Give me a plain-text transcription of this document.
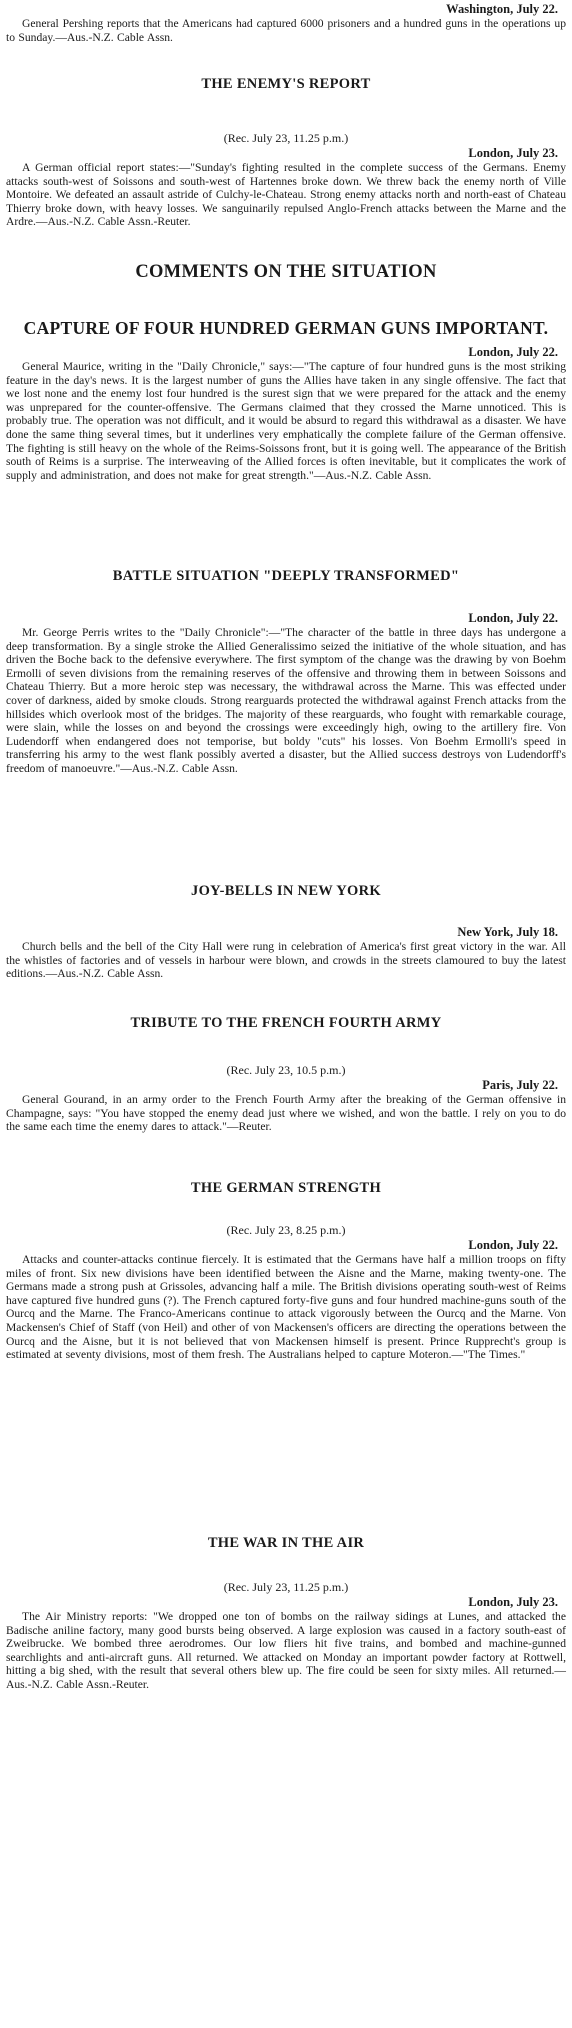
Washington, July 22.

General Pershing reports that the Americans had captured 6000 prisoners and a hundred guns in the operations up to Sunday.—Aus.-N.Z. Cable Assn.

THE ENEMY'S REPORT

(Rec. July 23, 11.25 p.m.)

London, July 23.

A German official report states:—"Sunday's fighting resulted in the complete success of the Germans. Enemy attacks south-west of Soissons and south-west of Hartennes broke down. We threw back the enemy north of Ville Montoire. We defeated an assault astride of Culchy-le-Chateau. Strong enemy attacks north and north-east of Chateau Thierry broke down, with heavy losses. We sanguinarily repulsed Anglo-French attacks between the Marne and the Ardre.—Aus.-N.Z. Cable Assn.-Reuter.

COMMENTS ON THE SITUATION
CAPTURE OF FOUR HUNDRED GERMAN GUNS IMPORTANT.
London, July 22.

General Maurice, writing in the "Daily Chronicle," says:—"The capture of four hundred guns is the most striking feature in the day's news. It is the largest number of guns the Allies have taken in any single offensive. The fact that we lost none and the enemy lost four hundred is the surest sign that we were prepared for the attack and the enemy was unprepared for the counter-offensive. The Germans claimed that they crossed the Marne unnoticed. This is probably true. The operation was not difficult, and it would be absurd to regard this withdrawal as a disaster. We have done the same thing several times, but it underlines very emphatically the complete failure of the German offensive. The fighting is still heavy on the whole of the Reims-Soissons front, but it is going well. The appearance of the British south of Reims is a surprise. The interweaving of the Allied forces is often inevitable, but it complicates the work of supply and administration, and does not make for great strength."—Aus.-N.Z. Cable Assn.

BATTLE SITUATION "DEEPLY TRANSFORMED"
London, July 22.

Mr. George Perris writes to the "Daily Chronicle":—"The character of the battle in three days has undergone a deep transformation. By a single stroke the Allied Generalissimo seized the initiative of the whole situation, and has driven the Boche back to the defensive everywhere. The first symptom of the change was the drawing by von Boehm Ermolli of seven divisions from the remaining reserves of the offensive and throwing them in between Soissons and Chateau Thierry. But a more heroic step was necessary, the withdrawal across the Marne. This was effected under cover of darkness, aided by smoke clouds. Strong rearguards protected the withdrawal against French attacks from the hillsides which overlook most of the bridges. The majority of these rearguards, who fought with remarkable courage, were slain, while the losses on and beyond the crossings were exceedingly high, owing to the artillery fire. Von Ludendorff when endangered does not temporise, but boldy "cuts" his losses. Von Boehm Ermolli's speed in transferring his army to the west flank possibly averted a disaster, but the Allied success destroys von Ludendorff's freedom of manoeuvre."—Aus.-N.Z. Cable Assn.

JOY-BELLS IN NEW YORK
New York, July 18.

Church bells and the bell of the City Hall were rung in celebration of America's first great victory in the war. All the whistles of factories and of vessels in harbour were blown, and crowds in the streets clamoured to buy the latest editions.—Aus.-N.Z. Cable Assn.

TRIBUTE TO THE FRENCH FOURTH ARMY

(Rec. July 23, 10.5 p.m.)

Paris, July 22.

General Gourand, in an army order to the French Fourth Army after the breaking of the German offensive in Champagne, says: "You have stopped the enemy dead just where we wished, and won the battle. I rely on you to do the same each time the enemy dares to attack."—Reuter.

THE GERMAN STRENGTH

(Rec. July 23, 8.25 p.m.)

London, July 22.

Attacks and counter-attacks continue fiercely. It is estimated that the Germans have half a million troops on fifty miles of front. Six new divisions have been identified between the Aisne and the Marne, making twenty-one. The Germans made a strong push at Grissoles, advancing half a mile. The British divisions operating south-west of Reims have captured five hundred guns (?). The French captured forty-five guns and four hundred machine-guns south of the Ourcq and the Marne. The Franco-Americans continue to attack vigorously between the Ourcq and the Marne. Von Mackensen's Chief of Staff (von Heil) and other of von Mackensen's officers are directing the operations between the Ourcq and the Aisne, but it is not believed that von Mackensen himself is present. Prince Rupprecht's group is estimated at seventy divisions, most of them fresh. The Australians helped to capture Moteron.—"The Times."

THE WAR IN THE AIR

(Rec. July 23, 11.25 p.m.)

London, July 23.

The Air Ministry reports: "We dropped one ton of bombs on the railway sidings at Lunes, and attacked the Badische aniline factory, many good bursts being observed. A large explosion was caused in a factory south-east of Zweibrucke. We bombed three aerodromes. Our low fliers hit five trains, and bombed and machine-gunned searchlights and anti-aircraft guns. All returned. We attacked on Monday an important powder factory at Rottwell, hitting a big shed, with the result that several others blew up. The fire could be seen for sixty miles. All returned.—Aus.-N.Z. Cable Assn.-Reuter.
